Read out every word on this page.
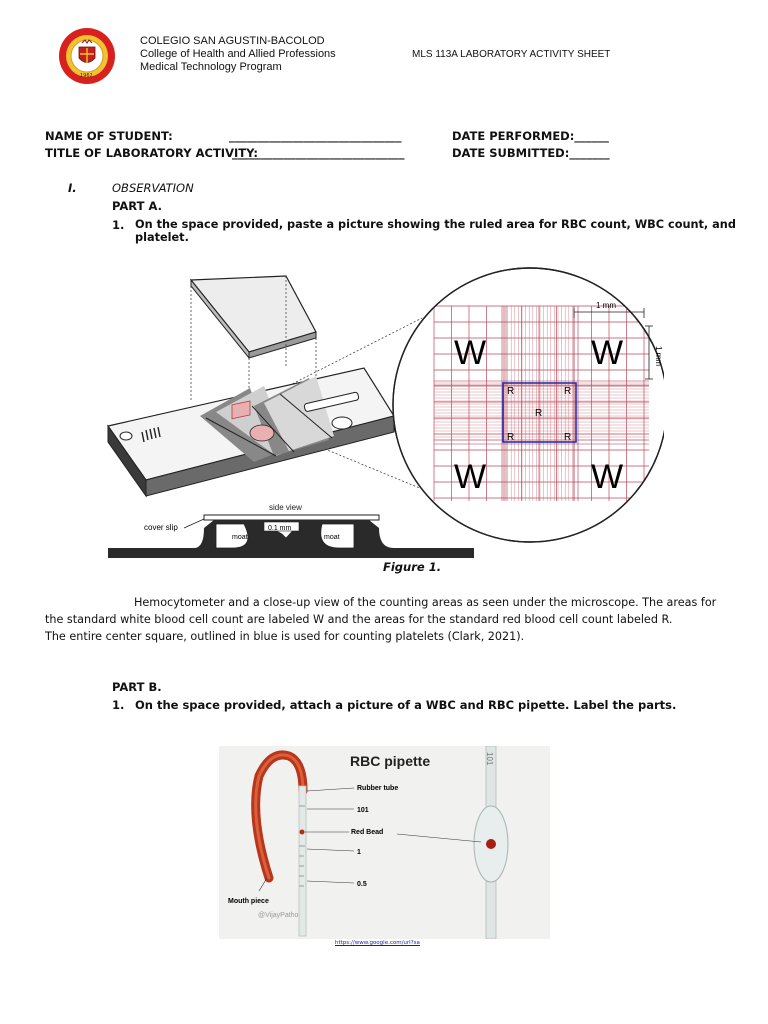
1962
COLEGIO SAN AGUSTIN-BACOLOD
College of Health and Allied Professions
Medical Technology Program
MLS 113A LABORATORY ACTIVITY SHEET
NAME OF STUDENT:	______________________________
TITLE OF LABORATORY ACTIVITY:
______________________________
DATE PERFORMED:______
DATE SUBMITTED:_______
I.	OBSERVATION
PART A.
1. On the space provided, paste a picture showing the ruled area for RBC count, WBC count, and platelet.
side view
0.1 mm
moat	moat
cover slip
W	W
W	W
R	R
R
R	R
1 mm
1 mm
Figure 1.
Hemocytometer and a close-up view of the counting areas as seen under the microscope. The areas for
the standard white blood cell count are labeled W and the areas for the standard red blood cell count labeled R.
The entire center square, outlined in blue is used for counting platelets (Clark, 2021).
PART B.
1. On the space provided, attach a picture of a WBC and RBC pipette. Label the parts.
RBC pipette
Rubber tube
101
Red Bead
1
0.5
Mouth piece
@VijayPatho
101
https://www.google.com/url?sa
